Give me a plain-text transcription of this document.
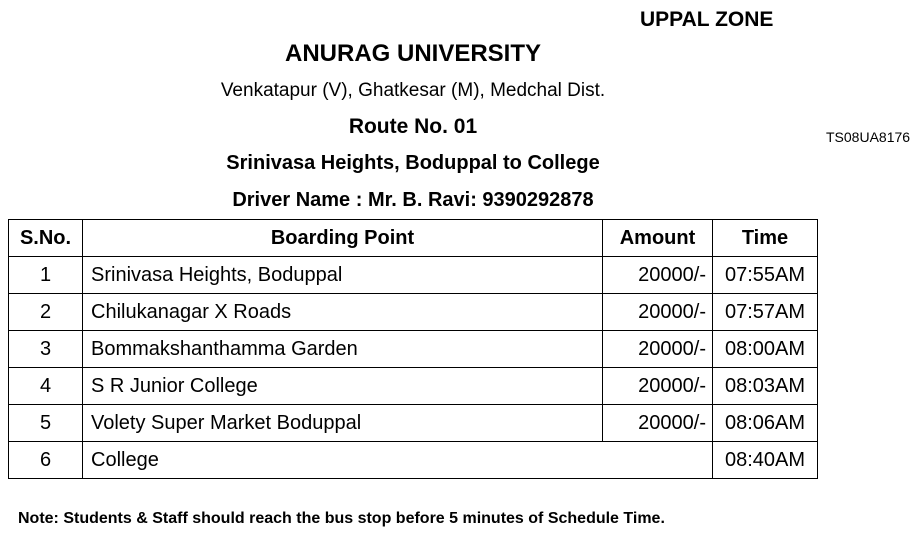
UPPAL ZONE
ANURAG UNIVERSITY
Venkatapur (V), Ghatkesar (M), Medchal Dist.
Route No. 01	TS08UA8176
Srinivasa Heights, Boduppal to College
Driver Name : Mr. B. Ravi: 9390292878
S.No.	Boarding Point	Amount	Time
1	Srinivasa Heights, Boduppal	20000/-	07:55AM
2	Chilukanagar X Roads	20000/-	07:57AM
3	Bommakshanthamma Garden	20000/-	08:00AM
4	S R Junior College	20000/-	08:03AM
5	Volety Super Market Boduppal	20000/-	08:06AM
6	College		08:40AM
Note: Students & Staff should reach the bus stop before 5 minutes of Schedule Time.
